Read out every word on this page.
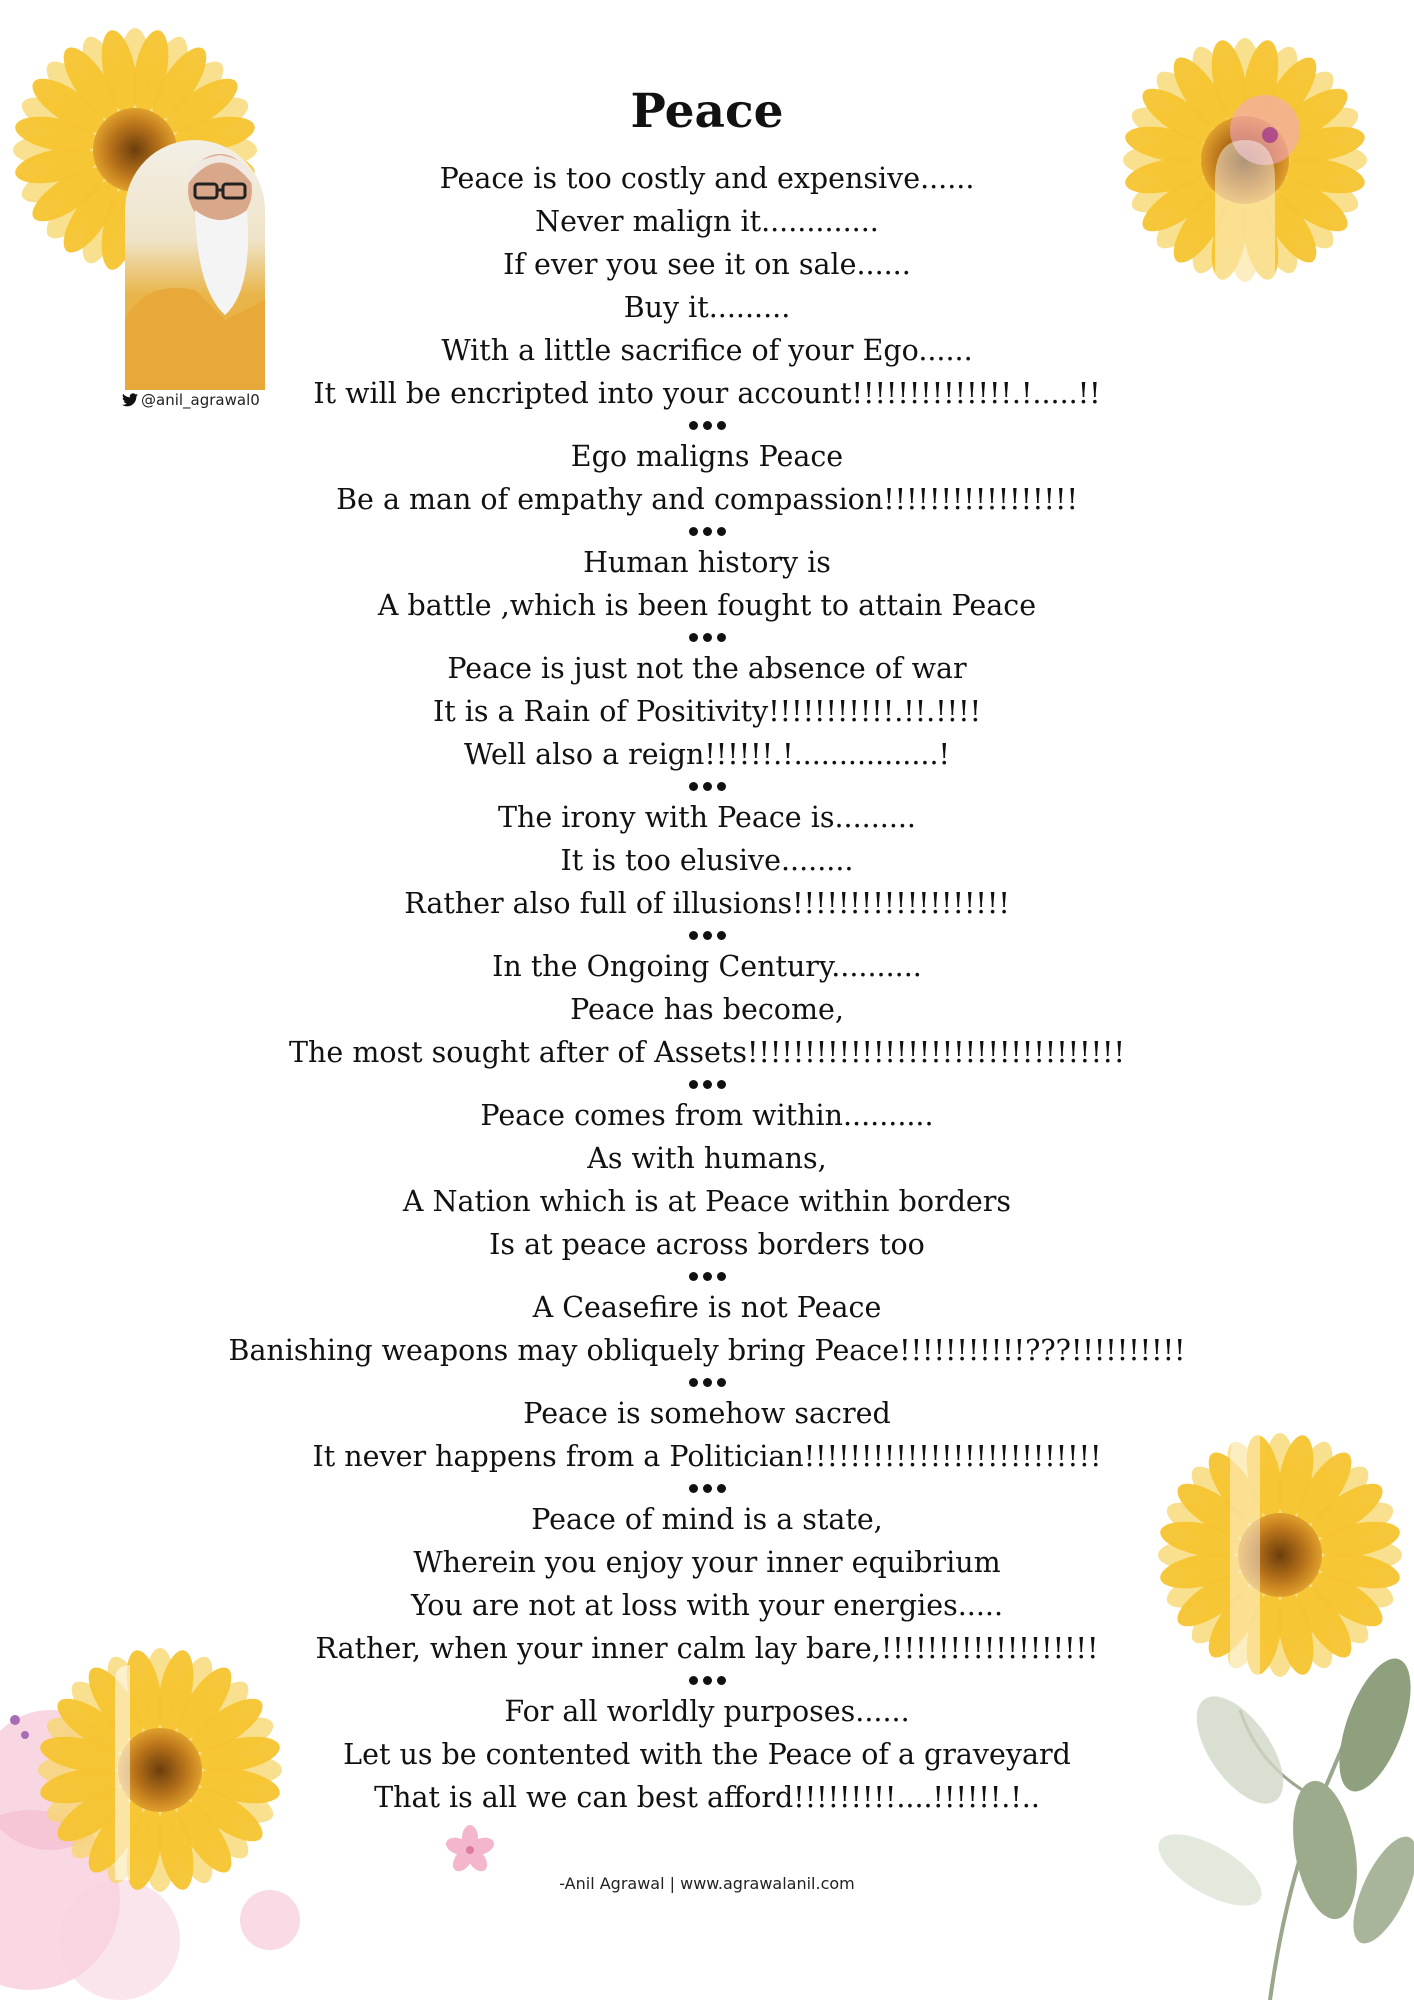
@anil_agrawal0
Peace
Peace is too costly and expensive......
Never malign it.............
If ever you see it on sale......
Buy it.........
With a little sacrifice of your Ego......
It will be encripted into your account!!!!!!!!!!!!!!.!.....!!
Ego maligns Peace
Be a man of empathy and compassion!!!!!!!!!!!!!!!!!
Human history is
A battle ,which is been fought to attain Peace
Peace is just not the absence of war
It is a Rain of Positivity!!!!!!!!!!!.!!.!!!!
Well also a reign!!!!!!.!................!
The irony with Peace is.........
It is too elusive........
Rather also full of illusions!!!!!!!!!!!!!!!!!!!
In the Ongoing Century..........
Peace has become,
The most sought after of Assets!!!!!!!!!!!!!!!!!!!!!!!!!!!!!!!!!
Peace comes from within..........
As with humans,
A Nation which is at Peace within borders
Is at peace across borders too
A Ceasefire is not Peace
Banishing weapons may obliquely bring Peace!!!!!!!!!!!???!!!!!!!!!!
Peace is somehow sacred
It never happens from a Politician!!!!!!!!!!!!!!!!!!!!!!!!!!
Peace of mind is a state,
Wherein you enjoy your inner equibrium
You are not at loss with your energies.....
Rather, when your inner calm lay bare,!!!!!!!!!!!!!!!!!!!
For all worldly purposes......
Let us be contented with the Peace of a graveyard
That is all we can best afford!!!!!!!!!....!!!!!!.!..
-Anil Agrawal | www.agrawalanil.com
